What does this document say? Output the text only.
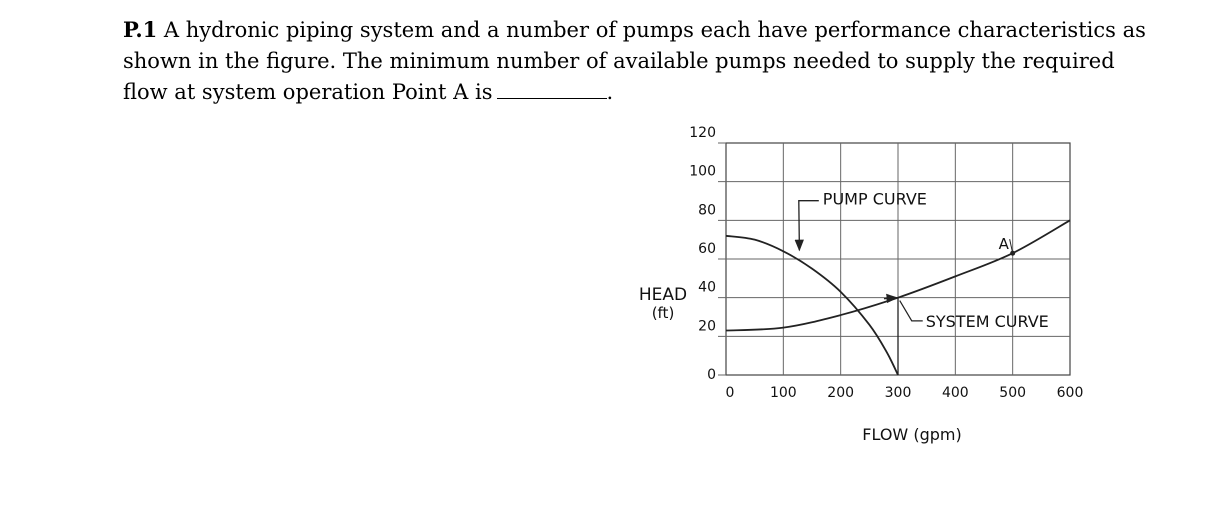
P.1 A hydronic piping system and a number of pumps each have performance characteristics as
shown in the figure. The minimum number of available pumps needed to supply the required
flow at system operation Point A is	.
0	100 200 300 400 500 600
0
20
40
60
80
100
120
HEAD
(ft)
FLOW (gpm)
PUMP CURVE
SYSTEM CURVE
A
